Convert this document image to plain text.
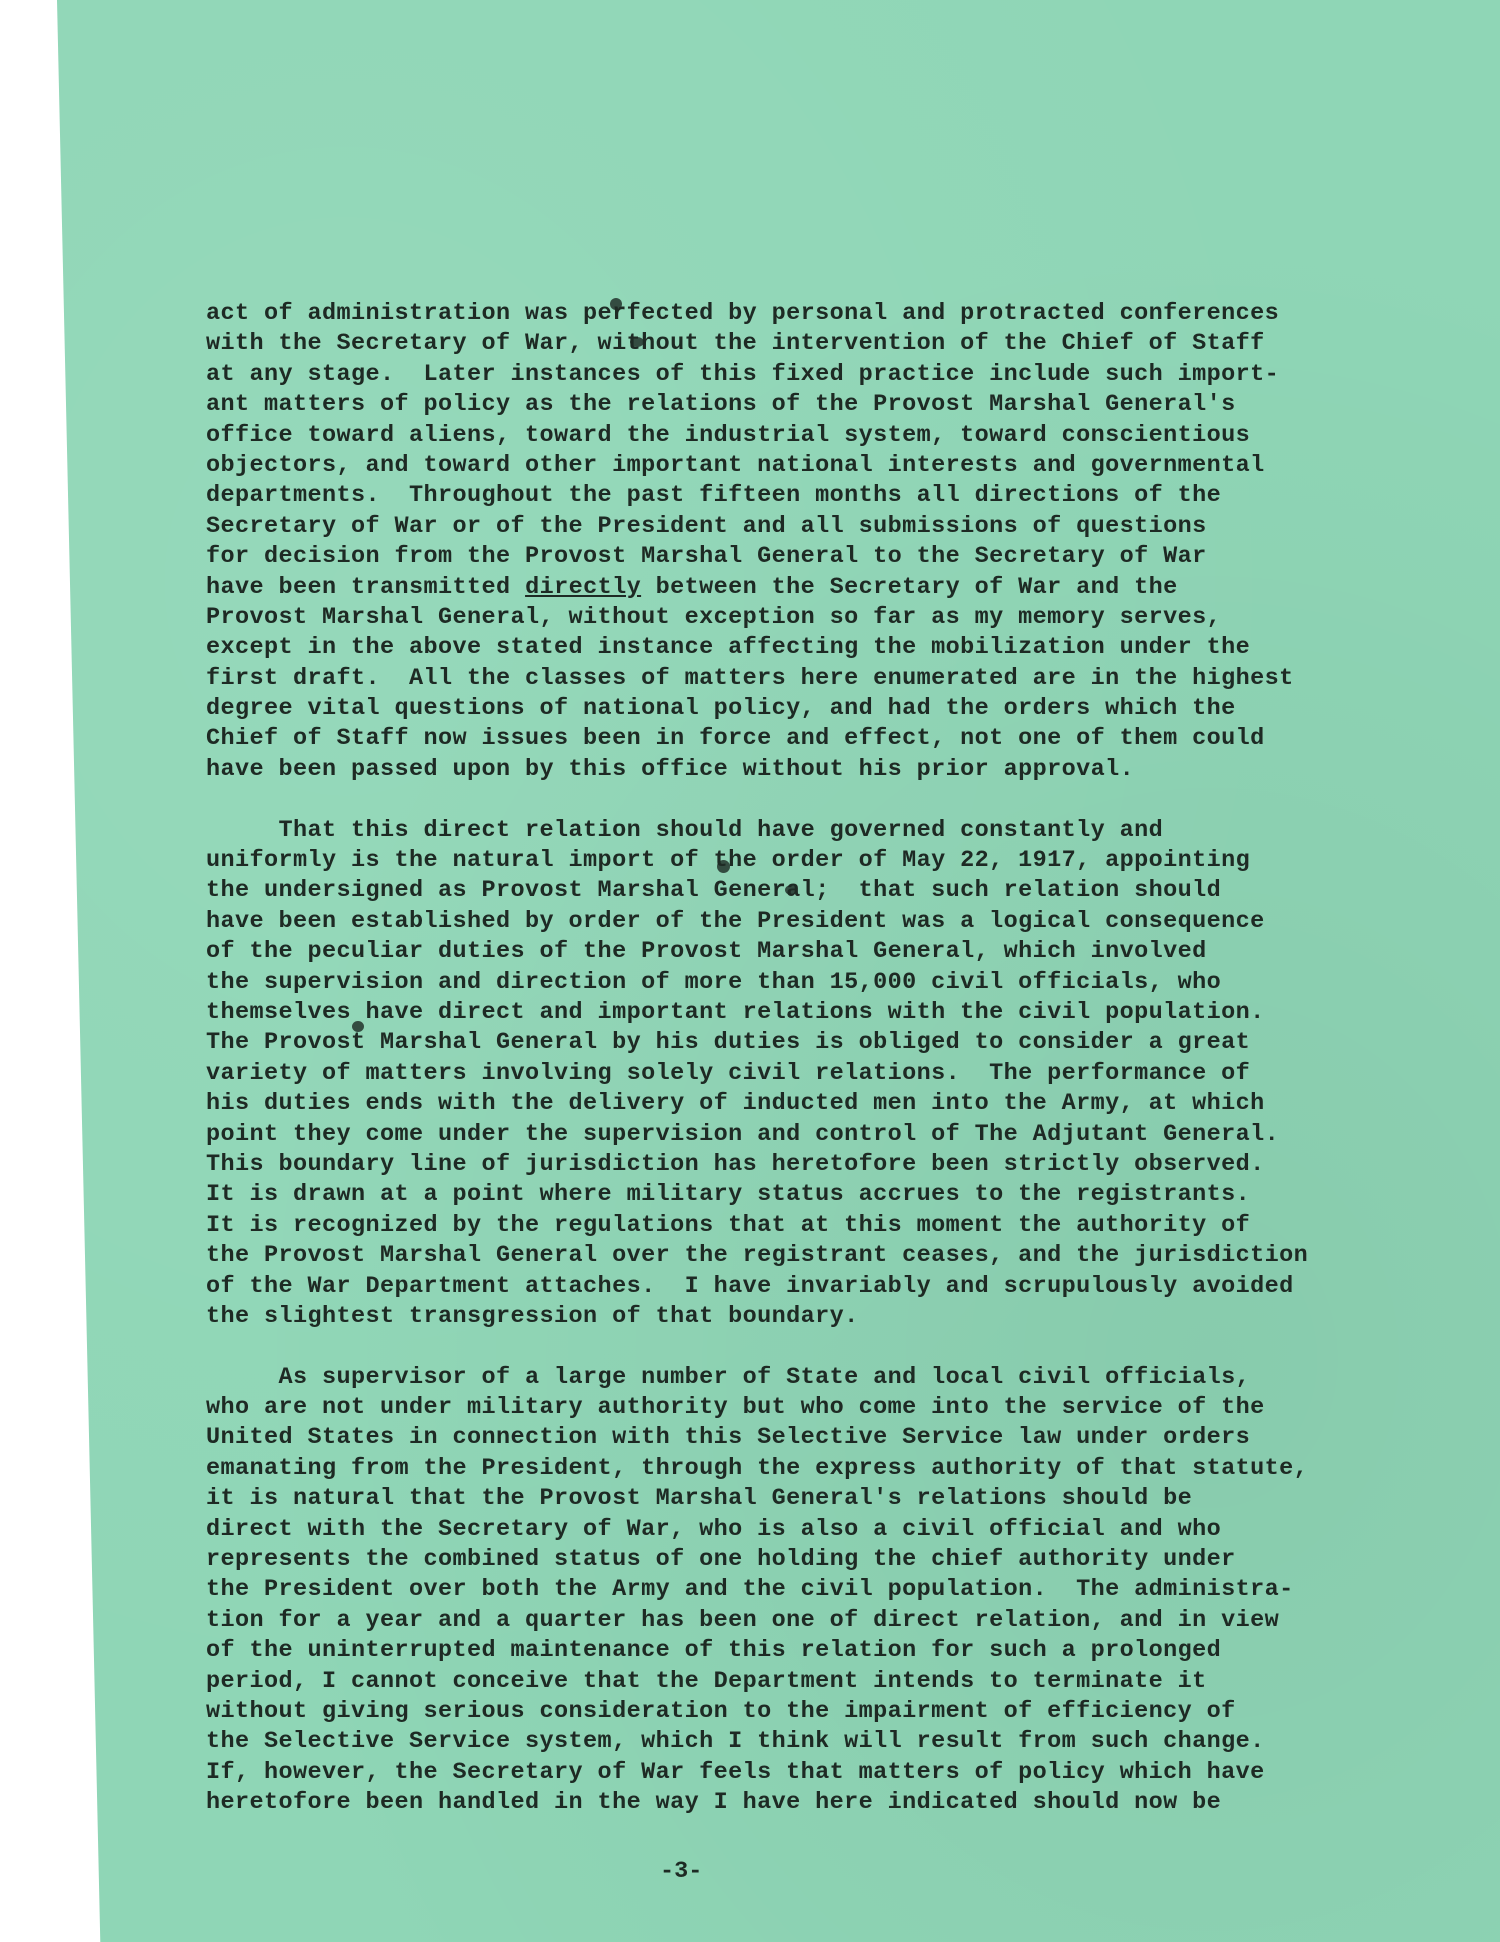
act of administration was perfected by personal and protracted conferences
with the Secretary of War, without the intervention of the Chief of Staff
at any stage.  Later instances of this fixed practice include such import-
ant matters of policy as the relations of the Provost Marshal General's
office toward aliens, toward the industrial system, toward conscientious
objectors, and toward other important national interests and governmental
departments.  Throughout the past fifteen months all directions of the
Secretary of War or of the President and all submissions of questions
for decision from the Provost Marshal General to the Secretary of War
have been transmitted directly between the Secretary of War and the
Provost Marshal General, without exception so far as my memory serves,
except in the above stated instance affecting the mobilization under the
first draft.  All the classes of matters here enumerated are in the highest
degree vital questions of national policy, and had the orders which the
Chief of Staff now issues been in force and effect, not one of them could
have been passed upon by this office without his prior approval.
That this direct relation should have governed constantly and
uniformly is the natural import of the order of May 22, 1917, appointing
the undersigned as Provost Marshal General;  that such relation should
have been established by order of the President was a logical consequence
of the peculiar duties of the Provost Marshal General, which involved
the supervision and direction of more than 15,000 civil officials, who
themselves have direct and important relations with the civil population.
The Provost Marshal General by his duties is obliged to consider a great
variety of matters involving solely civil relations.  The performance of
his duties ends with the delivery of inducted men into the Army, at which
point they come under the supervision and control of The Adjutant General.
This boundary line of jurisdiction has heretofore been strictly observed.
It is drawn at a point where military status accrues to the registrants.
It is recognized by the regulations that at this moment the authority of
the Provost Marshal General over the registrant ceases, and the jurisdiction
of the War Department attaches.  I have invariably and scrupulously avoided
the slightest transgression of that boundary.
As supervisor of a large number of State and local civil officials,
who are not under military authority but who come into the service of the
United States in connection with this Selective Service law under orders
emanating from the President, through the express authority of that statute,
it is natural that the Provost Marshal General's relations should be
direct with the Secretary of War, who is also a civil official and who
represents the combined status of one holding the chief authority under
the President over both the Army and the civil population.  The administra-
tion for a year and a quarter has been one of direct relation, and in view
of the uninterrupted maintenance of this relation for such a prolonged
period, I cannot conceive that the Department intends to terminate it
without giving serious consideration to the impairment of efficiency of
the Selective Service system, which I think will result from such change.
If, however, the Secretary of War feels that matters of policy which have
heretofore been handled in the way I have here indicated should now be
-3-
